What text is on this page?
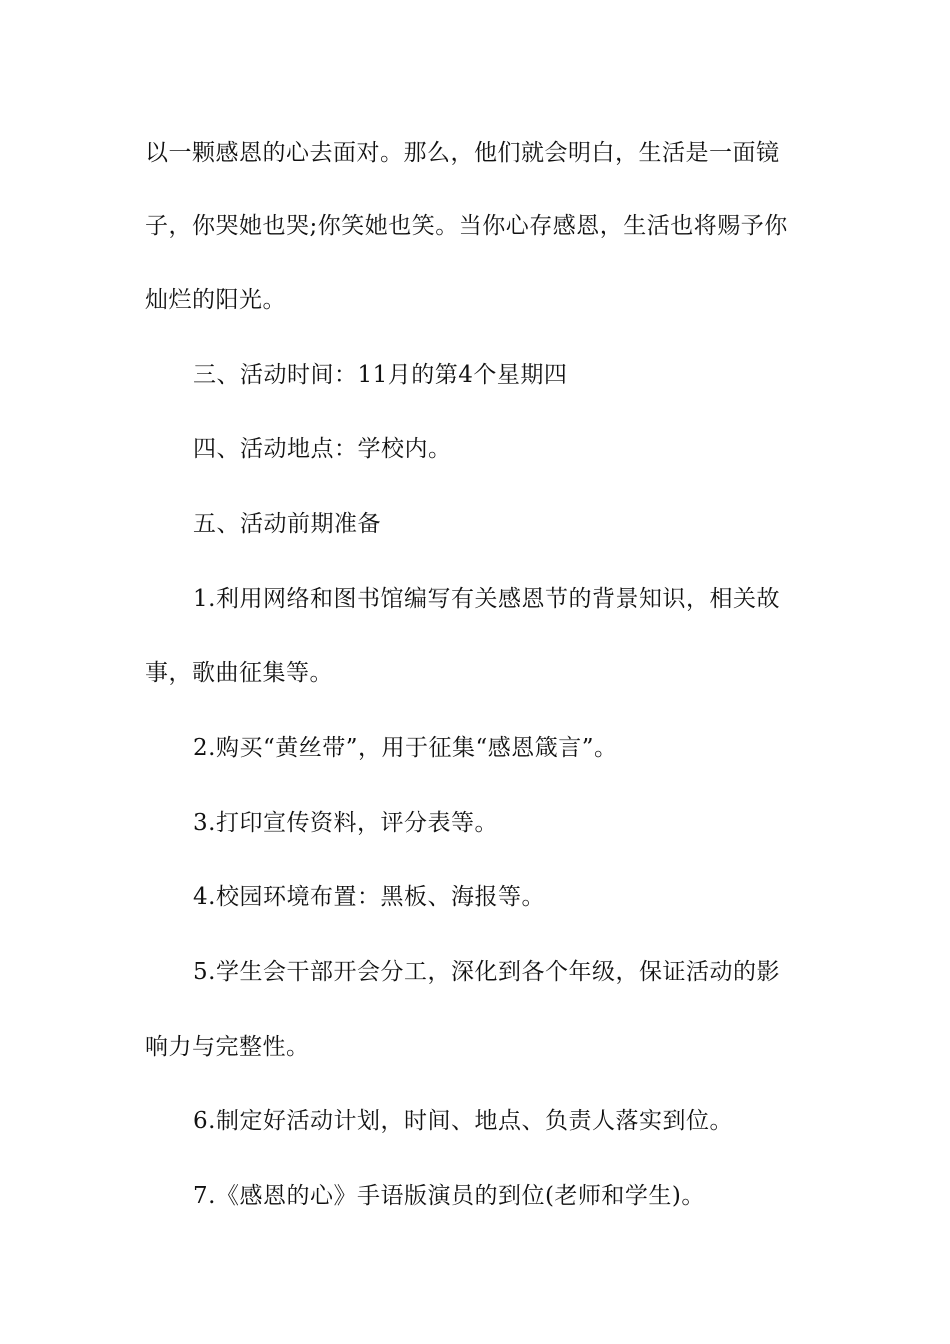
以一颗感恩的心去面对。那么，他们就会明白，生活是一面镜
子，你哭她也哭;你笑她也笑。当你心存感恩，生活也将赐予你
灿烂的阳光。
三、活动时间：11月的第4个星期四
四、活动地点：学校内。
五、活动前期准备
1.利用网络和图书馆编写有关感恩节的背景知识，相关故
事，歌曲征集等。
2.购买“黄丝带”，用于征集“感恩箴言”。
3.打印宣传资料，评分表等。
4.校园环境布置：黑板、海报等。
5.学生会干部开会分工，深化到各个年级，保证活动的影
响力与完整性。
6.制定好活动计划，时间、地点、负责人落实到位。
7.《感恩的心》手语版演员的到位(老师和学生)。
